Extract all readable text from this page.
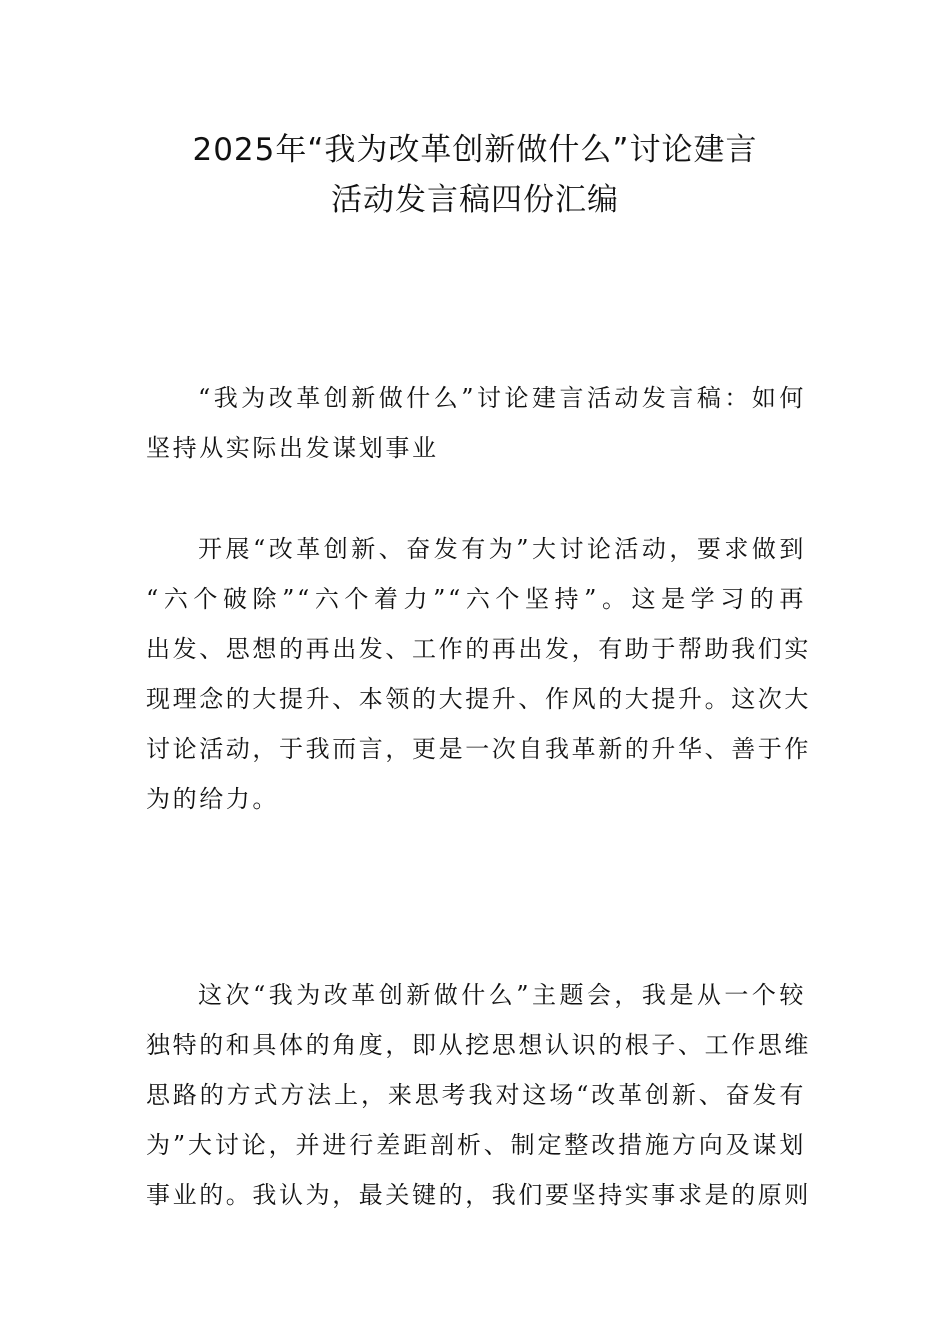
2025年“我为改革创新做什么”讨论建言
活动发言稿四份汇编
“我为改革创新做什么”讨论建言活动发言稿：如何
坚持从实际出发谋划事业
开展“改革创新、奋发有为”大讨论活动，要求做到
“六个破除”“六个着力”“六个坚持”。这是学习的再
出发、思想的再出发、工作的再出发，有助于帮助我们实
现理念的大提升、本领的大提升、作风的大提升。这次大
讨论活动，于我而言，更是一次自我革新的升华、善于作
为的给力。
这次“我为改革创新做什么”主题会，我是从一个较
独特的和具体的角度，即从挖思想认识的根子、工作思维
思路的方式方法上，来思考我对这场“改革创新、奋发有
为”大讨论，并进行差距剖析、制定整改措施方向及谋划
事业的。我认为，最关键的，我们要坚持实事求是的原则
